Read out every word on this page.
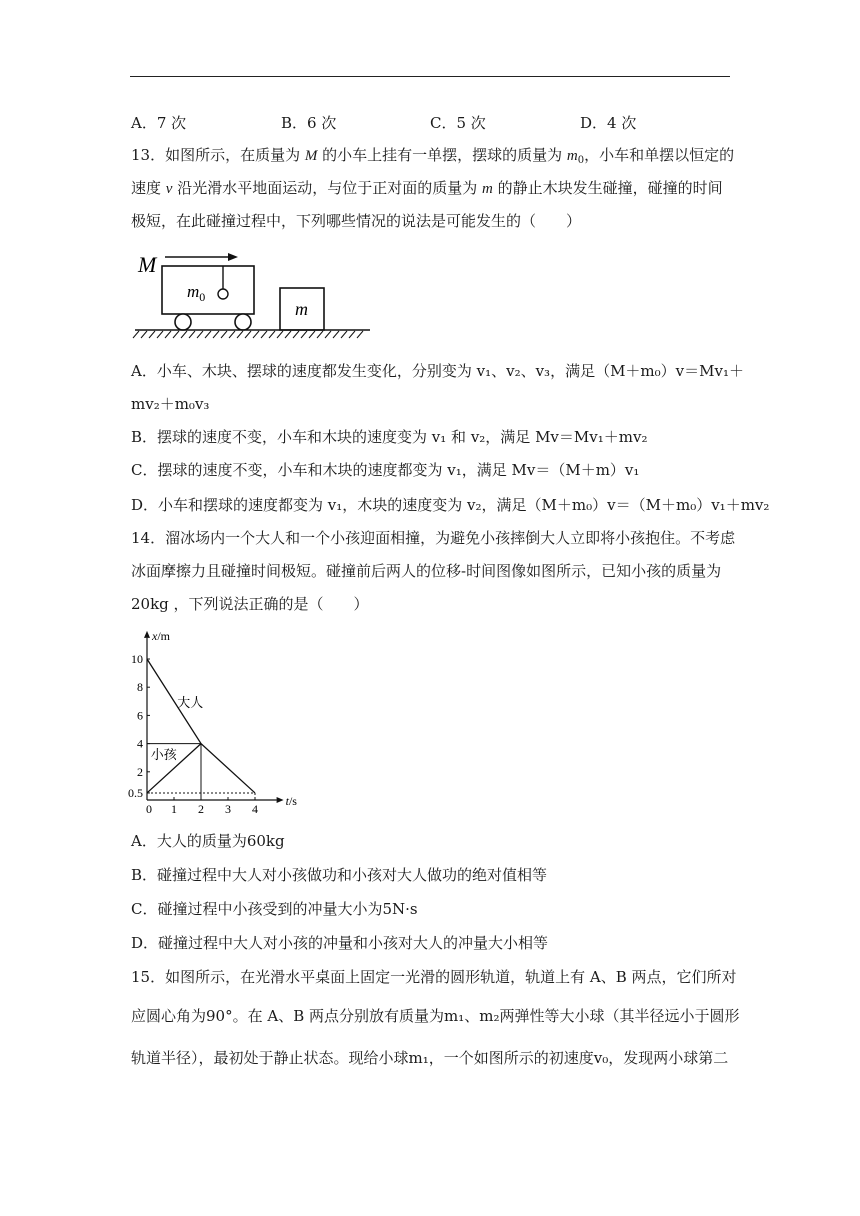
A．7 次	B．6 次	C．5 次	D．4 次
13．如图所示，在质量为 M 的小车上挂有一单摆，摆球的质量为 $m_0$，小车和单摆以恒定的
速度 v 沿光滑水平地面运动，与位于正对面的质量为 m 的静止木块发生碰撞，碰撞的时间
极短，在此碰撞过程中，下列哪些情况的说法是可能发生的（　　）
M
$m_0$
m
A．小车、木块、摆球的速度都发生变化，分别变为 v₁、v₂、v₃，满足（M＋m₀）v＝Mv₁＋
mv₂＋m₀v₃
B．摆球的速度不变，小车和木块的速度变为 v₁ 和 v₂，满足 Mv＝Mv₁＋mv₂
C．摆球的速度不变，小车和木块的速度都变为 v₁，满足 Mv＝（M＋m）v₁
D．小车和摆球的速度都变为 v₁，木块的速度变为 v₂，满足（M＋m₀）v＝（M＋m₀）v₁＋mv₂
14．溜冰场内一个大人和一个小孩迎面相撞，为避免小孩摔倒大人立即将小孩抱住。不考虑
冰面摩擦力且碰撞时间极短。碰撞前后两人的位移-时间图像如图所示，已知小孩的质量为
20kg ，下列说法正确的是（　　）
x/m
t/s
0 1 2 3 4
0.5
2
4
6
8
10
大人
小孩
A．大人的质量为60kg
B．碰撞过程中大人对小孩做功和小孩对大人做功的绝对值相等
C．碰撞过程中小孩受到的冲量大小为5N·s
D．碰撞过程中大人对小孩的冲量和小孩对大人的冲量大小相等
15．如图所示，在光滑水平桌面上固定一光滑的圆形轨道，轨道上有 A、B 两点，它们所对
应圆心角为90°。在 A、B 两点分别放有质量为m₁、m₂两弹性等大小球（其半径远小于圆形
轨道半径），最初处于静止状态。现给小球m₁，一个如图所示的初速度v₀，发现两小球第二
